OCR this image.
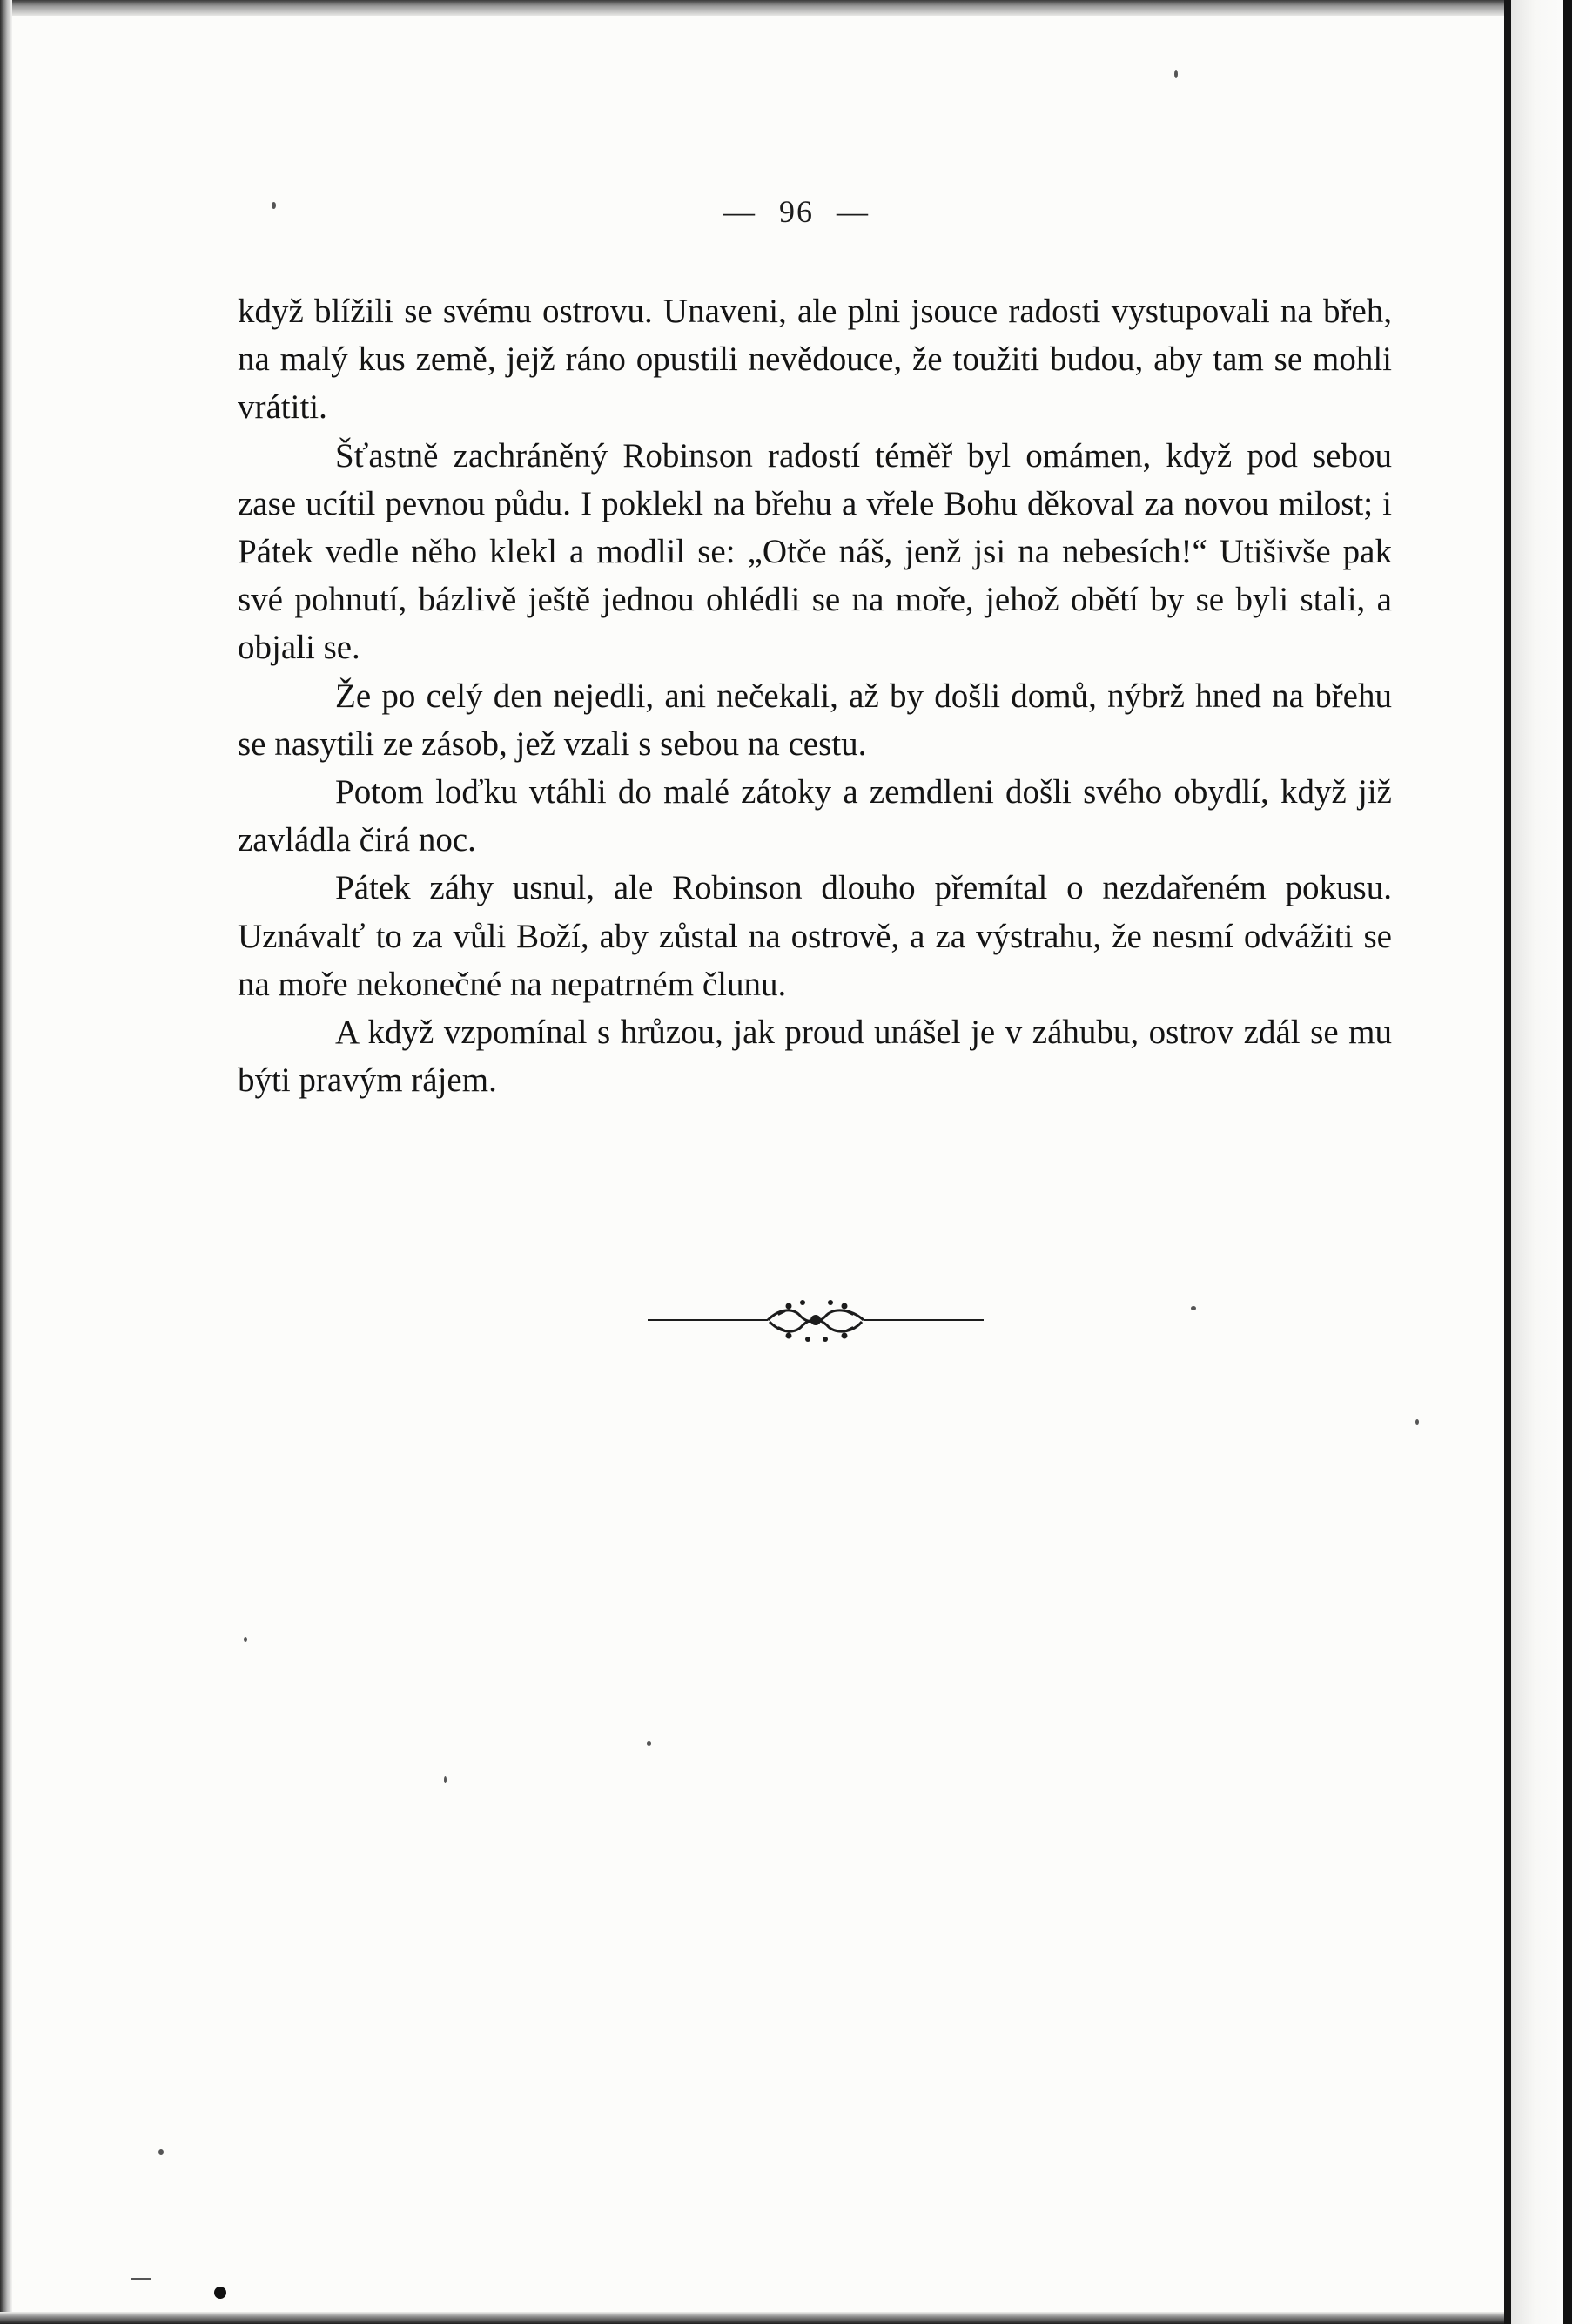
— 96 —

když blížili se svému ostrovu. Unaveni, ale plni jsouce radosti vystupovali na břeh, na malý kus země, jejž ráno opustili nevědouce, že toužiti budou, aby tam se mohli vrátiti.

Šťastně zachráněný Robinson radostí téměř byl omámen, když pod sebou zase ucítil pevnou půdu. I poklekl na břehu a vřele Bohu děkoval za novou milost; i Pátek vedle něho klekl a modlil se: „Otče náš, jenž jsi na nebesích!“ Utišivše pak své pohnutí, bázlivě ještě jednou ohlédli se na moře, jehož obětí by se byli stali, a objali se.

Že po celý den nejedli, ani nečekali, až by došli domů, nýbrž hned na břehu se nasytili ze zásob, jež vzali s sebou na cestu.

Potom loďku vtáhli do malé zátoky a zemdleni došli svého obydlí, když již zavládla čirá noc.

Pátek záhy usnul, ale Robinson dlouho přemítal o nezdařeném pokusu. Uznávalť to za vůli Boží, aby zůstal na ostrově, a za výstrahu, že nesmí odvážiti se na moře nekonečné na nepatrném člunu.

A když vzpomínal s hrůzou, jak proud unášel je v záhubu, ostrov zdál se mu býti pravým rájem.
